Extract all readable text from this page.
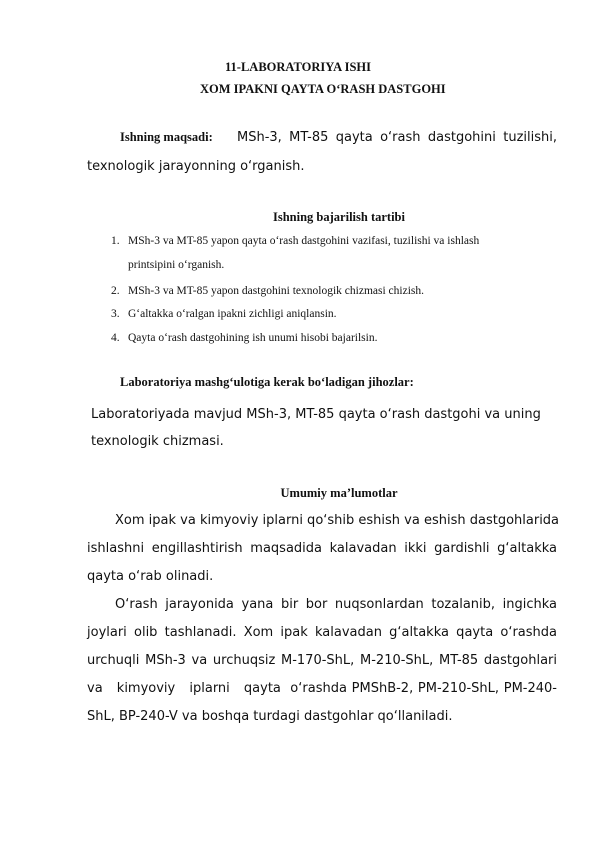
11-LABORATORIYA ISHI
XOM IPAKNI QAYTA O‘RASH DASTGOHI
Ishning maqsadi: MSh-3, MT-85 qayta o‘rash dastgohini tuzilishi,
texnologik jarayonning o‘rganish.
Ishning bajarilish tartibi
1. MSh-3 va MT-85 yapon qayta o‘rash dastgohini vazifasi, tuzilishi va ishlash
printsipini o‘rganish.
2. MSh-3 va MT-85 yapon dastgohini texnologik chizmasi chizish.
3. G‘altakka o‘ralgan ipakni zichligi aniqlansin.
4. Qayta o‘rash dastgohining ish unumi hisobi bajarilsin.
Laboratoriya mashg‘ulotiga kerak bo‘ladigan jihozlar:
Laboratoriyada mavjud MSh-3, MT-85 qayta o‘rash dastgohi va uning
texnologik chizmasi.
Umumiy ma’lumotlar
Xom ipak va kimyoviy iplarni qo‘shib eshish va eshish dastgohlarida
ishlashni engillashtirish maqsadida kalavadan ikki gardishli g‘altakka
qayta o‘rab olinadi.
O‘rash jarayonida yana bir bor nuqsonlardan tozalanib, ingichka
joylari olib tashlanadi. Xom ipak kalavadan g‘altakka qayta o‘rashda
urchuqli MSh-3 va urchuqsiz M-170-ShL, M-210-ShL, MT-85 dastgohlari
va   kimyoviy   iplarni   qayta  o‘rashda PMShB-2, PM-210-ShL, PM-240-
ShL, BP-240-V va boshqa turdagi dastgohlar qo‘llaniladi.
